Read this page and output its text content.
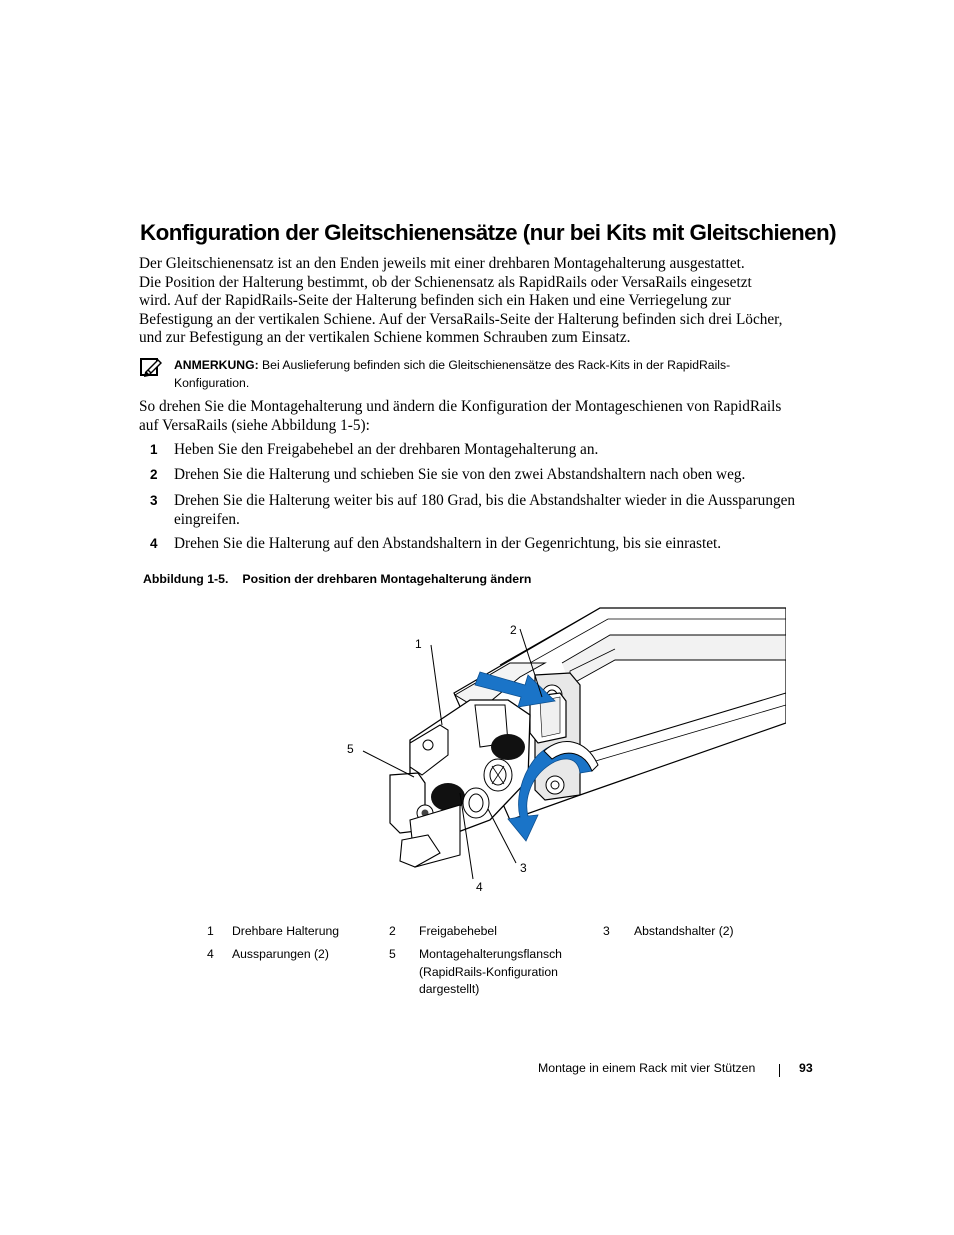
Konfiguration der Gleitschienensätze (nur bei Kits mit Gleitschienen)
Der Gleitschienensatz ist an den Enden jeweils mit einer drehbaren Montagehalterung ausgestattet.
Die Position der Halterung bestimmt, ob der Schienensatz als RapidRails oder VersaRails eingesetzt
wird. Auf der RapidRails-Seite der Halterung befinden sich ein Haken und eine Verriegelung zur
Befestigung an der vertikalen Schiene. Auf der VersaRails-Seite der Halterung befinden sich drei Löcher,
und zur Befestigung an der vertikalen Schiene kommen Schrauben zum Einsatz.
ANMERKUNG: Bei Auslieferung befinden sich die Gleitschienensätze des Rack-Kits in der RapidRails-
Konfiguration.
So drehen Sie die Montagehalterung und ändern die Konfiguration der Montageschienen von RapidRails
auf VersaRails (siehe Abbildung 1-5):
1 Heben Sie den Freigabehebel an der drehbaren Montagehalterung an.
2 Drehen Sie die Halterung und schieben Sie sie von den zwei Abstandshaltern nach oben weg.
3 Drehen Sie die Halterung weiter bis auf 180 Grad, bis die Abstandshalter wieder in die Aussparungen
eingreifen.
4 Drehen Sie die Halterung auf den Abstandshaltern in der Gegenrichtung, bis sie einrastet.
Abbildung 1-5. Position der drehbaren Montagehalterung ändern
1
2
3
4
5
1 Drehbare Halterung	2 Freigabehebel	3 Abstandshalter (2)
4 Aussparungen (2)	5 Montagehalterungsflansch
(RapidRails-Konfiguration
dargestellt)
Montage in einem Rack mit vier Stützen	93
